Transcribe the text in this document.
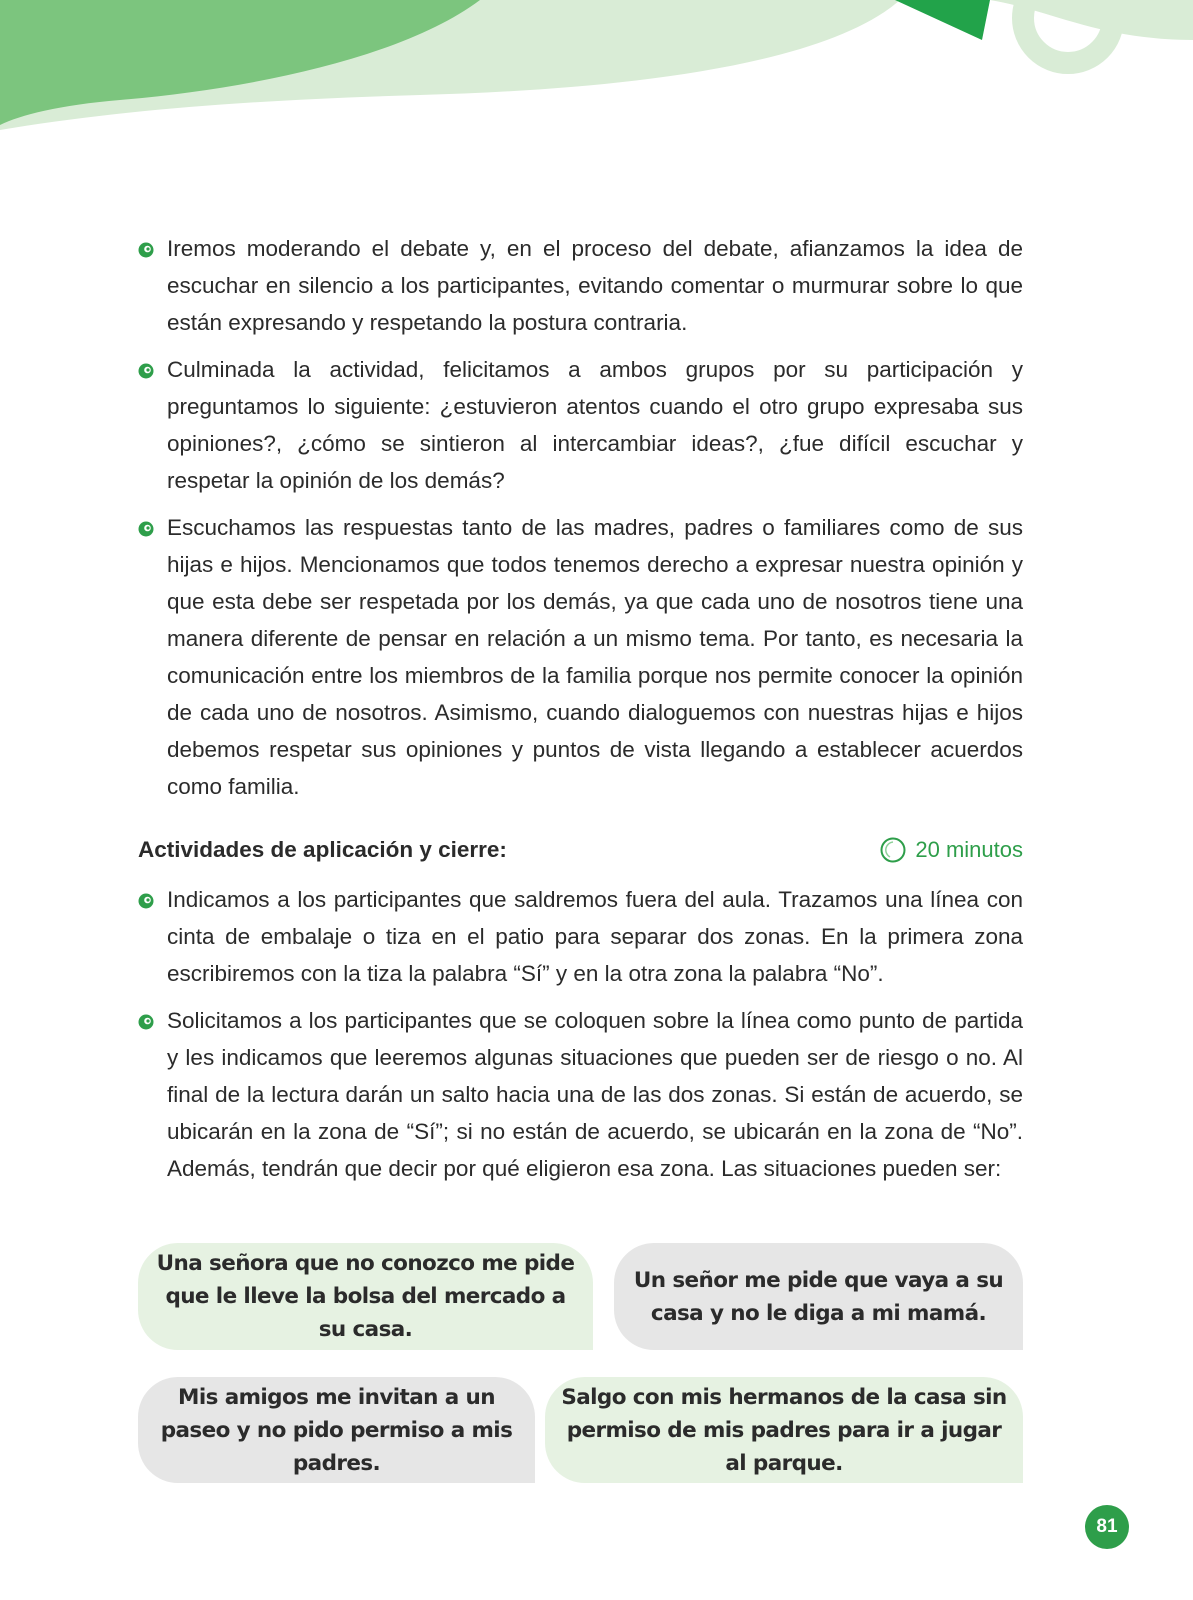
Iremos moderando el debate y, en el proceso del debate, afianzamos la idea de escuchar en silencio a los participantes, evitando comentar o murmurar sobre lo que están expresando y respetando la postura contraria.

Culminada la actividad, felicitamos a ambos grupos por su participación y preguntamos lo siguiente: ¿estuvieron atentos cuando el otro grupo expresaba sus opiniones?, ¿cómo se sintieron al intercambiar ideas?, ¿fue difícil escuchar y respetar la opinión de los demás?

Escuchamos las respuestas tanto de las madres, padres o familiares como de sus hijas e hijos. Mencionamos que todos tenemos derecho a expresar nuestra opinión y que esta debe ser respetada por los demás, ya que cada uno de nosotros tiene una manera diferente de pensar en relación a un mismo tema. Por tanto, es necesaria la comunicación entre los miembros de la familia porque nos permite conocer la opinión de cada uno de nosotros. Asimismo, cuando dialoguemos con nuestras hijas e hijos debemos respetar sus opiniones y puntos de vista llegando a establecer acuerdos como familia.

Actividades de aplicación y cierre:	20 minutos

Indicamos a los participantes que saldremos fuera del aula. Trazamos una línea con cinta de embalaje o tiza en el patio para separar dos zonas. En la primera zona escribiremos con la tiza la palabra “Sí” y en la otra zona la palabra “No”.

Solicitamos a los participantes que se coloquen sobre la línea como punto de partida y les indicamos que leeremos algunas situaciones que pueden ser de riesgo o no. Al final de la lectura darán un salto hacia una de las dos zonas. Si están de acuerdo, se ubicarán en la zona de “Sí”; si no están de acuerdo, se ubicarán en la zona de “No”. Además, tendrán que decir por qué eligieron esa zona. Las situaciones pueden ser:

Una señora que no conozco me pide que le lleve la bolsa del mercado a su casa.
Un señor me pide que vaya a su casa y no le diga a mi mamá.
Mis amigos me invitan a un paseo y no pido permiso a mis padres.
Salgo con mis hermanos de la casa sin permiso de mis padres para ir a jugar al parque.
81
